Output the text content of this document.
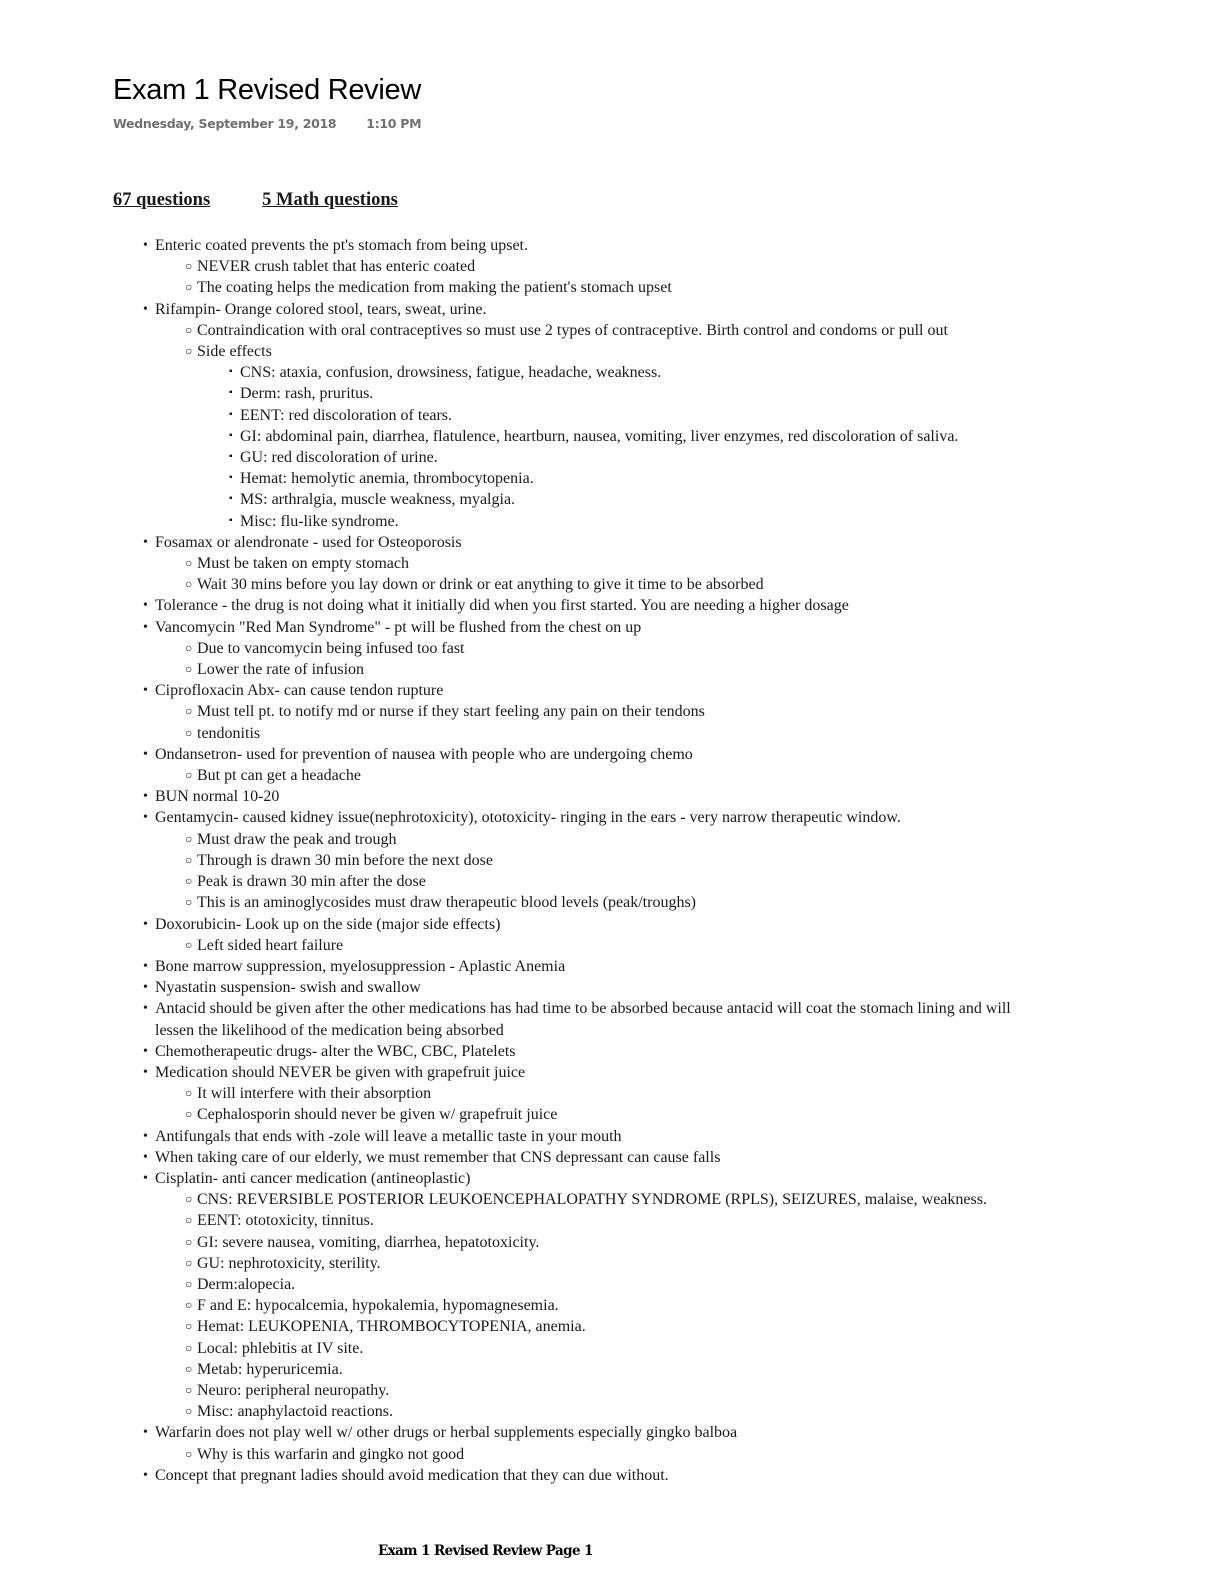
Exam 1 Revised Review
Wednesday, September 19, 2018 1:10 PM
67 questions	5 Math questions
• Enteric coated prevents the pt's stomach from being upset.
○ NEVER crush tablet that has enteric coated
○ The coating helps the medication from making the patient's stomach upset
• Rifampin- Orange colored stool, tears, sweat, urine.
○ Contraindication with oral contraceptives so must use 2 types of contraceptive. Birth control and condoms or pull out
○ Side effects
▪ CNS: ataxia, confusion, drowsiness, fatigue, headache, weakness.
▪ Derm: rash, pruritus.
▪ EENT: red discoloration of tears.
▪ GI: abdominal pain, diarrhea, flatulence, heartburn, nausea, vomiting, liver enzymes, red discoloration of saliva.
▪ GU: red discoloration of urine.
▪ Hemat: hemolytic anemia, thrombocytopenia.
▪ MS: arthralgia, muscle weakness, myalgia.
▪ Misc: flu-like syndrome.
• Fosamax or alendronate - used for Osteoporosis
○ Must be taken on empty stomach
○ Wait 30 mins before you lay down or drink or eat anything to give it time to be absorbed
• Tolerance - the drug is not doing what it initially did when you first started. You are needing a higher dosage
• Vancomycin "Red Man Syndrome" - pt will be flushed from the chest on up
○ Due to vancomycin being infused too fast
○ Lower the rate of infusion
• Ciprofloxacin Abx- can cause tendon rupture
○ Must tell pt. to notify md or nurse if they start feeling any pain on their tendons
○ tendonitis
• Ondansetron- used for prevention of nausea with people who are undergoing chemo
○ But pt can get a headache
• BUN normal 10-20
• Gentamycin- caused kidney issue(nephrotoxicity), ototoxicity- ringing in the ears - very narrow therapeutic window.
○ Must draw the peak and trough
○ Through is drawn 30 min before the next dose
○ Peak is drawn 30 min after the dose
○ This is an aminoglycosides must draw therapeutic blood levels (peak/troughs)
• Doxorubicin- Look up on the side (major side effects)
○ Left sided heart failure
• Bone marrow suppression, myelosuppression - Aplastic Anemia
• Nyastatin suspension- swish and swallow
• Antacid should be given after the other medications has had time to be absorbed because antacid will coat the stomach lining and will
lessen the likelihood of the medication being absorbed
• Chemotherapeutic drugs- alter the WBC, CBC, Platelets
• Medication should NEVER be given with grapefruit juice
○ It will interfere with their absorption
○ Cephalosporin should never be given w/ grapefruit juice
• Antifungals that ends with -zole will leave a metallic taste in your mouth
• When taking care of our elderly, we must remember that CNS depressant can cause falls
• Cisplatin- anti cancer medication (antineoplastic)
○ CNS: REVERSIBLE POSTERIOR LEUKOENCEPHALOPATHY SYNDROME (RPLS), SEIZURES, malaise, weakness.
○ EENT: ototoxicity, tinnitus.
○ GI: severe nausea, vomiting, diarrhea, hepatotoxicity.
○ GU: nephrotoxicity, sterility.
○ Derm:alopecia.
○ F and E: hypocalcemia, hypokalemia, hypomagnesemia.
○ Hemat: LEUKOPENIA, THROMBOCYTOPENIA, anemia.
○ Local: phlebitis at IV site.
○ Metab: hyperuricemia.
○ Neuro: peripheral neuropathy.
○ Misc: anaphylactoid reactions.
• Warfarin does not play well w/ other drugs or herbal supplements especially gingko balboa
○ Why is this warfarin and gingko not good
• Concept that pregnant ladies should avoid medication that they can due without.
Exam 1 Revised Review Page 1
